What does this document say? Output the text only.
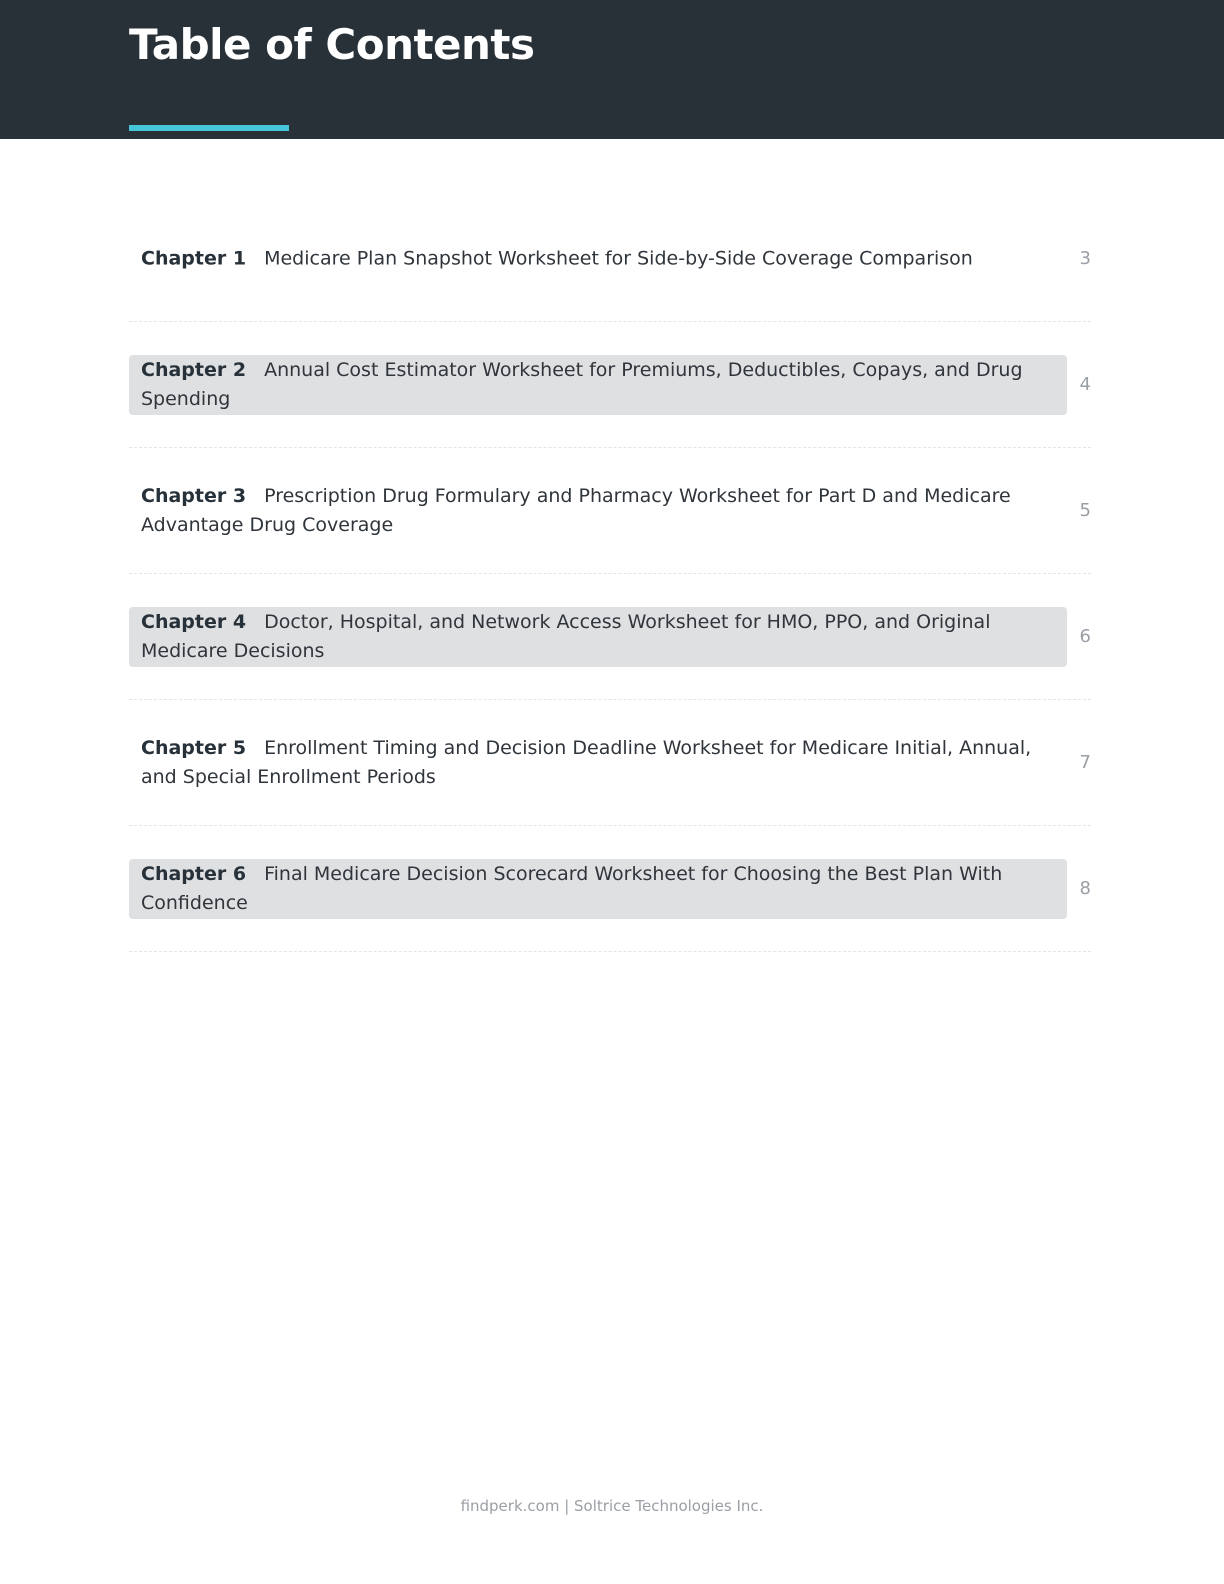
Table of Contents
Chapter 1 Medicare Plan Snapshot Worksheet for Side-by-Side Coverage Comparison	3
Chapter 2 Annual Cost Estimator Worksheet for Premiums, Deductibles, Copays, and Drug Spending
4
Chapter 3 Prescription Drug Formulary and Pharmacy Worksheet for Part D and Medicare Advantage Drug Coverage
5
Chapter 4 Doctor, Hospital, and Network Access Worksheet for HMO, PPO, and Original Medicare Decisions
6
Chapter 5 Enrollment Timing and Decision Deadline Worksheet for Medicare Initial, Annual, and Special Enrollment Periods
7
Chapter 6 Final Medicare Decision Scorecard Worksheet for Choosing the Best Plan With Confidence
8
findperk.com | Soltrice Technologies Inc.
